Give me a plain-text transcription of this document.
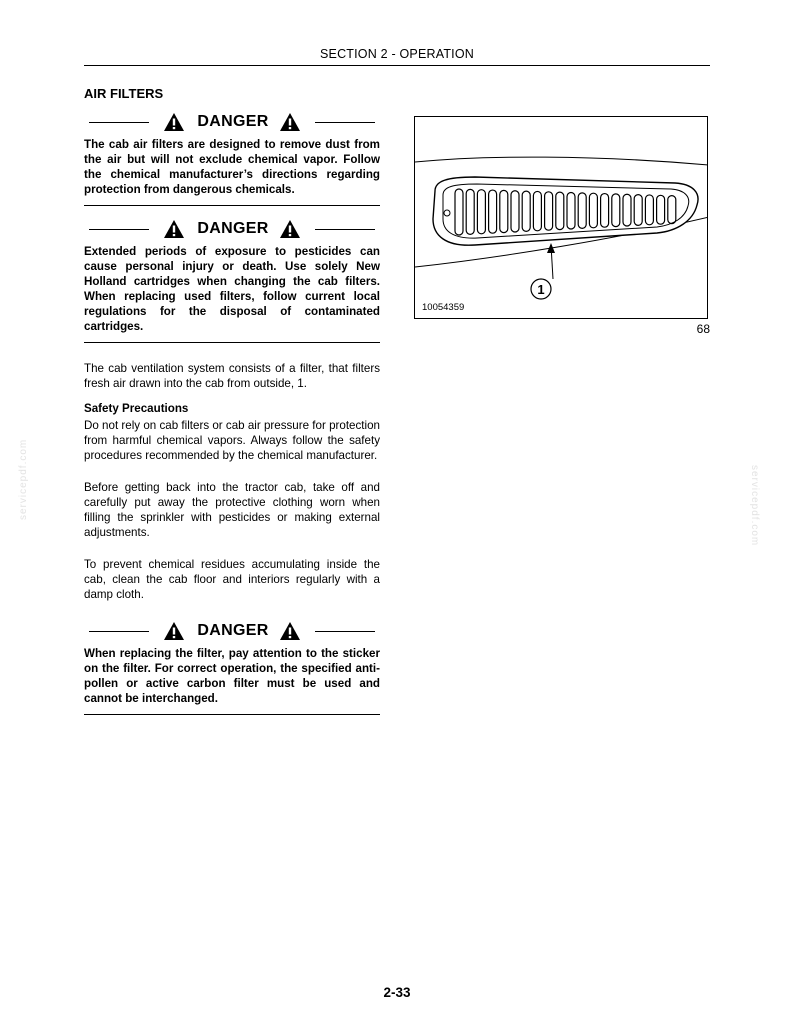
SECTION 2 - OPERATION
AIR FILTERS
DANGER
The cab air filters are designed to remove dust from the air but will not exclude chemical vapor. Follow the chemical manufacturer’s directions regarding protection from dangerous chemicals.
DANGER
Extended periods of exposure to pesticides can cause personal injury or death. Use solely New Holland cartridges when changing the cab filters. When replacing used filters, follow current local regulations for the disposal of contaminated cartridges.

The cab ventilation system consists of a filter, that filters fresh air drawn into the cab from outside, 1.

Safety Precautions

Do not rely on cab filters or cab air pressure for protection from harmful chemical vapors. Always follow the safety procedures recommended by the chemical manufacturer.

Before getting back into the tractor cab, take off and carefully put away the protective clothing worn when filling the sprinkler with pesticides or making external adjustments.

To prevent chemical residues accumulating inside the cab, clean the cab floor and interiors regularly with a damp cloth.

DANGER
When replacing the filter, pay attention to the sticker on the filter. For correct operation, the specified anti-pollen or active carbon filter must be used and cannot be interchanged.
1
10054359
68
servicepdf.com	servicepdf.com
2-33
